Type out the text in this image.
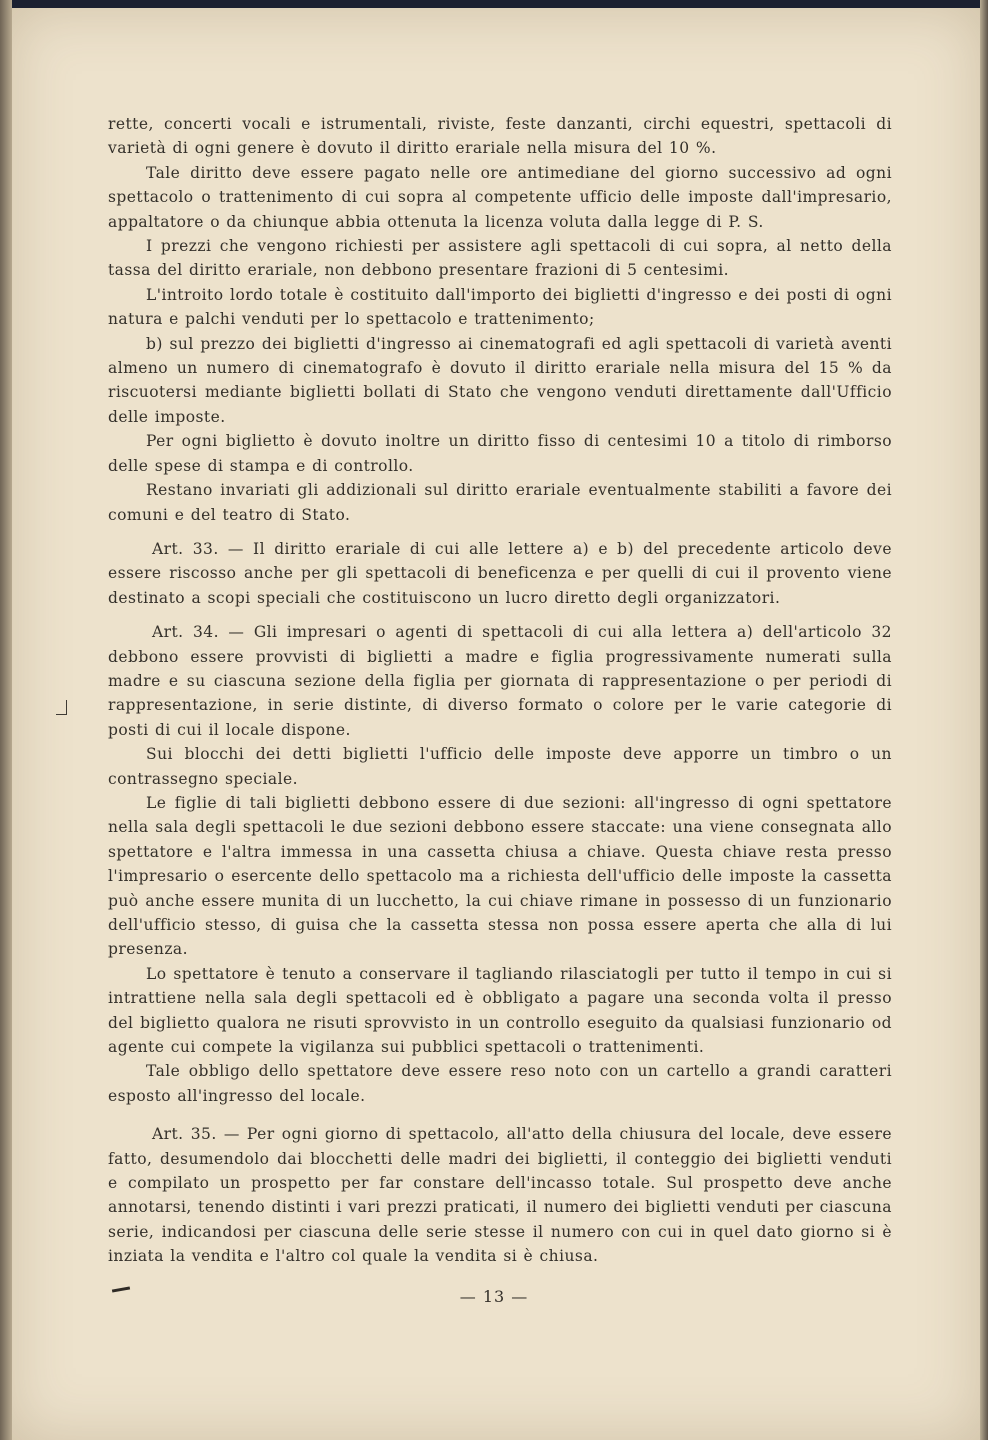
rette, concerti vocali e istrumentali, riviste, feste danzanti, circhi equestri, spettacoli di varietà di ogni genere è dovuto il diritto erariale nella misura del 10 %.

Tale diritto deve essere pagato nelle ore antimediane del giorno successivo ad ogni spettacolo o trattenimento di cui sopra al competente ufficio delle imposte dall'impresario, appaltatore o da chiunque abbia ottenuta la licenza voluta dalla legge di P. S.

I prezzi che vengono richiesti per assistere agli spettacoli di cui sopra, al netto della tassa del diritto erariale, non debbono presentare frazioni di 5 centesimi.

L'introito lordo totale è costituito dall'importo dei biglietti d'ingresso e dei posti di ogni natura e palchi venduti per lo spettacolo e trattenimento;

b) sul prezzo dei biglietti d'ingresso ai cinematografi ed agli spettacoli di varietà aventi almeno un numero di cinematografo è dovuto il diritto erariale nella misura del 15 % da riscuotersi mediante biglietti bollati di Stato che vengono venduti direttamente dall'Ufficio delle imposte.

Per ogni biglietto è dovuto inoltre un diritto fisso di centesimi 10 a titolo di rimborso delle spese di stampa e di controllo.

Restano invariati gli addizionali sul diritto erariale eventualmente stabiliti a favore dei comuni e del teatro di Stato.

Art. 33. — Il diritto erariale di cui alle lettere a) e b) del precedente articolo deve essere riscosso anche per gli spettacoli di beneficenza e per quelli di cui il provento viene destinato a scopi speciali che costituiscono un lucro diretto degli organizzatori.

Art. 34. — Gli impresari o agenti di spettacoli di cui alla lettera a) dell'articolo 32 debbono essere provvisti di biglietti a madre e figlia progressivamente numerati sulla madre e su ciascuna sezione della figlia per giornata di rappresentazione o per periodi di rappresentazione, in serie distinte, di diverso formato o colore per le varie categorie di posti di cui il locale dispone.

Sui blocchi dei detti biglietti l'ufficio delle imposte deve apporre un timbro o un contrassegno speciale.

Le figlie di tali biglietti debbono essere di due sezioni: all'ingresso di ogni spettatore nella sala degli spettacoli le due sezioni debbono essere staccate: una viene consegnata allo spettatore e l'altra immessa in una cassetta chiusa a chiave. Questa chiave resta presso l'impresario o esercente dello spettacolo ma a richiesta dell'ufficio delle imposte la cassetta può anche essere munita di un lucchetto, la cui chiave rimane in possesso di un funzionario dell'ufficio stesso, di guisa che la cassetta stessa non possa essere aperta che alla di lui presenza.

Lo spettatore è tenuto a conservare il tagliando rilasciatogli per tutto il tempo in cui si intrattiene nella sala degli spettacoli ed è obbligato a pagare una seconda volta il presso del biglietto qualora ne risuti sprovvisto in un controllo eseguito da qualsiasi funzionario od agente cui compete la vigilanza sui pubblici spettacoli o trattenimenti.

Tale obbligo dello spettatore deve essere reso noto con un cartello a grandi caratteri esposto all'ingresso del locale.

Art. 35. — Per ogni giorno di spettacolo, all'atto della chiusura del locale, deve essere fatto, desumendolo dai blocchetti delle madri dei biglietti, il conteggio dei biglietti venduti e compilato un prospetto per far constare dell'incasso totale. Sul prospetto deve anche annotarsi, tenendo distinti i vari prezzi praticati, il numero dei biglietti venduti per ciascuna serie, indicandosi per ciascuna delle serie stesse il numero con cui in quel dato giorno si è inziata la vendita e l'altro col quale la vendita si è chiusa.

— 13 —
